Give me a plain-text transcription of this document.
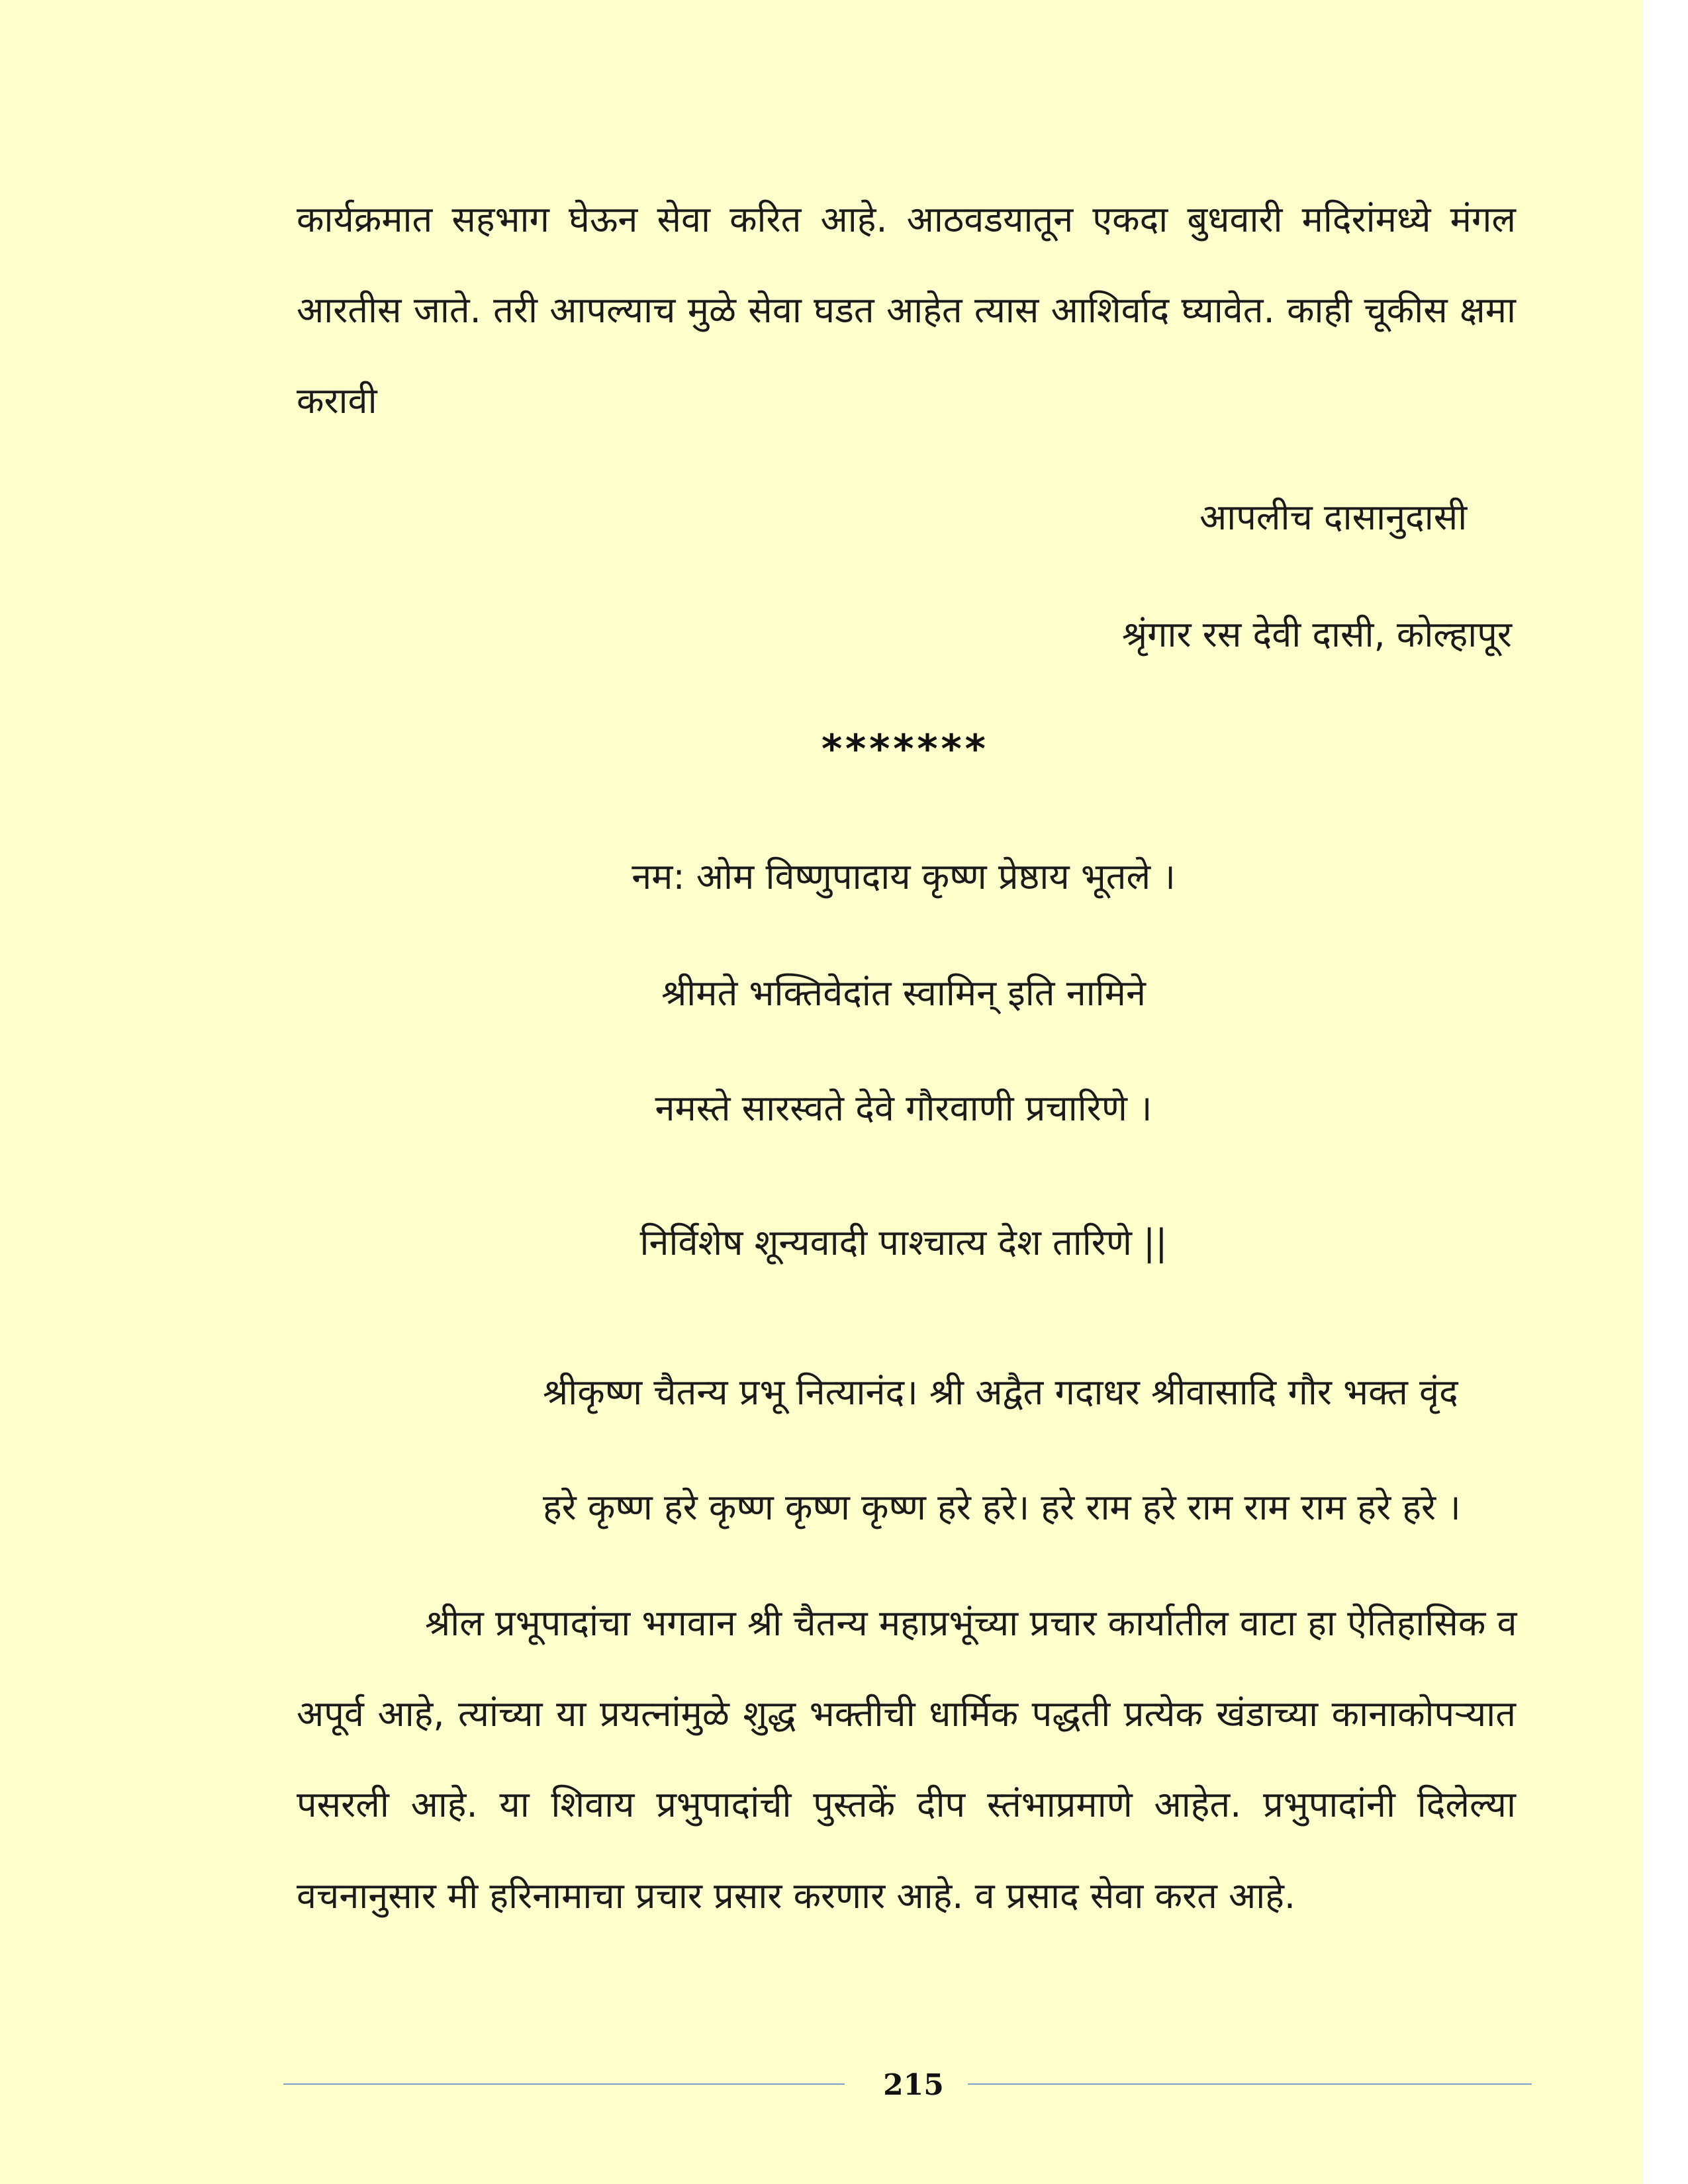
कार्यक्रमात सहभाग घेऊन सेवा करित आहे. आठवडयातून एकदा बुधवारी मदिरांमध्ये मंगल
आरतीस जाते. तरी आपल्याच मुळे सेवा घडत आहेत त्यास आशिर्वाद घ्यावेत. काही चूकीस क्षमा
करावी
आपलीच दासानुदासी
श्रृंगार रस देवी दासी, कोल्हापूर
*******
नम: ओम विष्णुपादाय कृष्ण प्रेष्ठाय भूतले ।
श्रीमते भक्तिवेदांत स्वामिन् इति नामिने
नमस्ते सारस्वते देवे गौरवाणी प्रचारिणे ।
निर्विशेष शून्यवादी पाश्चात्य देश तारिणे ||
श्रीकृष्ण चैतन्य प्रभू नित्यानंद। श्री अद्वैत गदाधर श्रीवासादि गौर भक्त वृंद
हरे कृष्ण हरे कृष्ण कृष्ण कृष्ण हरे हरे। हरे राम हरे राम राम राम हरे हरे ।
श्रील प्रभूपादांचा भगवान श्री चैतन्य महाप्रभूंच्या प्रचार कार्यातील वाटा हा ऐतिहासिक व
अपूर्व आहे, त्यांच्या या प्रयत्नांमुळे शुद्ध भक्तीची धार्मिक पद्धती प्रत्येक खंडाच्या कानाकोपऱ्यात
पसरली आहे. या शिवाय प्रभुपादांची पुस्तकें दीप स्तंभाप्रमाणे आहेत. प्रभुपादांनी दिलेल्या
वचनानुसार मी हरिनामाचा प्रचार प्रसार करणार आहे. व प्रसाद सेवा करत आहे.
215
